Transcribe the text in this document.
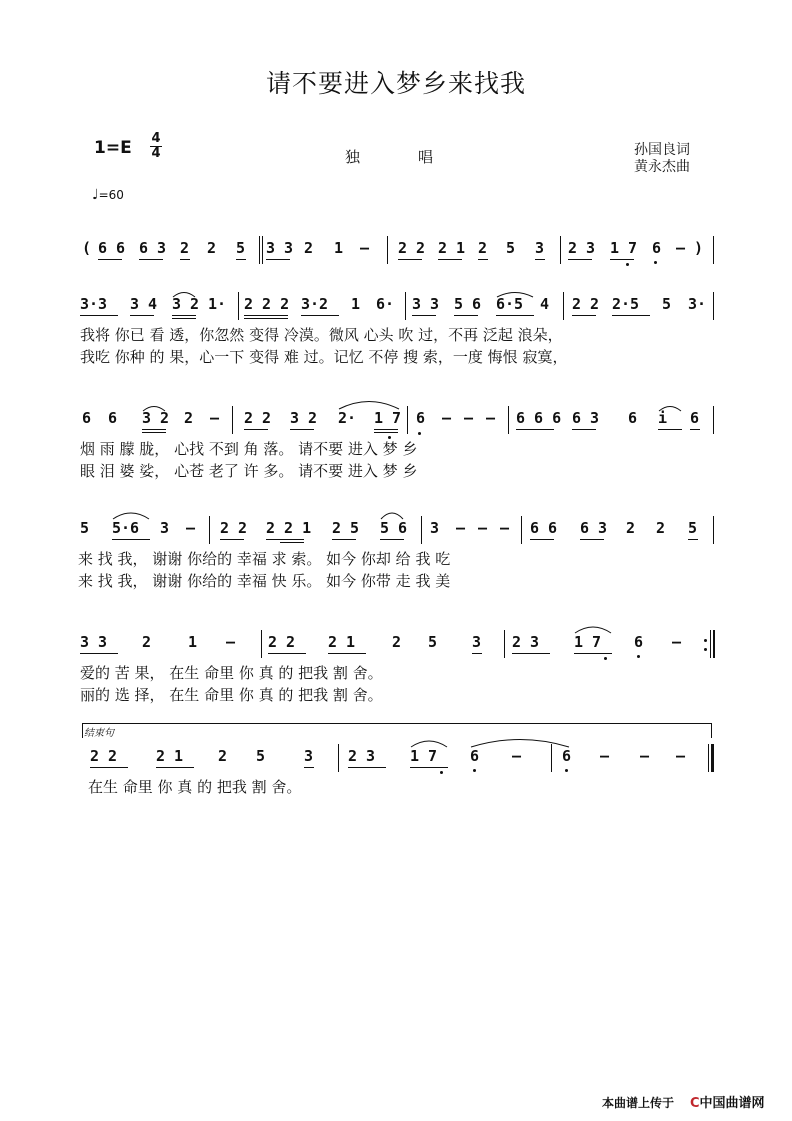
请不要进入梦乡来找我
1=E 4
4	独唱	孙国良词
黄永杰曲
♩=60
( 6 6 6 3 2 2 5 3 3 2 1 – 2 2 2 1 2 5 3 2 3 1 7 6 – )
3·3 3 4 3 2 1· 2 2 2 3·2 1 6· 3 3 5 6 6·5 4 2 2 2·5 5 3·
我将 你已 看 透，你忽然 变得 冷漠。微风 心头 吹 过，不再 泛起 浪朵，
我吃 你种 的 果，心一下 变得 难 过。记忆 不停 搜 索，一度 悔恨 寂寞，
6 6 3 2 2 – 2 2 3 2 2· 1 7 6 – – – 6 6 6 6 3 6 i 6
烟 雨 朦 胧， 心找 不到 角 落。 请不要 进入 梦 乡
眼 泪 婆 娑， 心苍 老了 许 多。 请不要 进入 梦 乡
5 5·6 3 – 2 2 2 2 1 2 5 5 6 3 – – – 6 6 6 3 2 2 5
来 找 我， 谢谢 你给的 幸福 求 索。 如今 你却 给 我 吃
来 找 我， 谢谢 你给的 幸福 快 乐。 如今 你带 走 我 美
3 3 2 1 – 2 2 2 1 2 5 3 2 3 1 7 6 –
爱的 苦 果， 在生 命里 你 真 的 把我 割 舍。
丽的 选 择， 在生 命里 你 真 的 把我 割 舍。
结束句
2 2	2 1 2 5	3 2 3 1 7 6 –	6 – – –
在生 命里 你 真 的 把我 割 舍。
本曲谱上传于 C中国曲谱网
